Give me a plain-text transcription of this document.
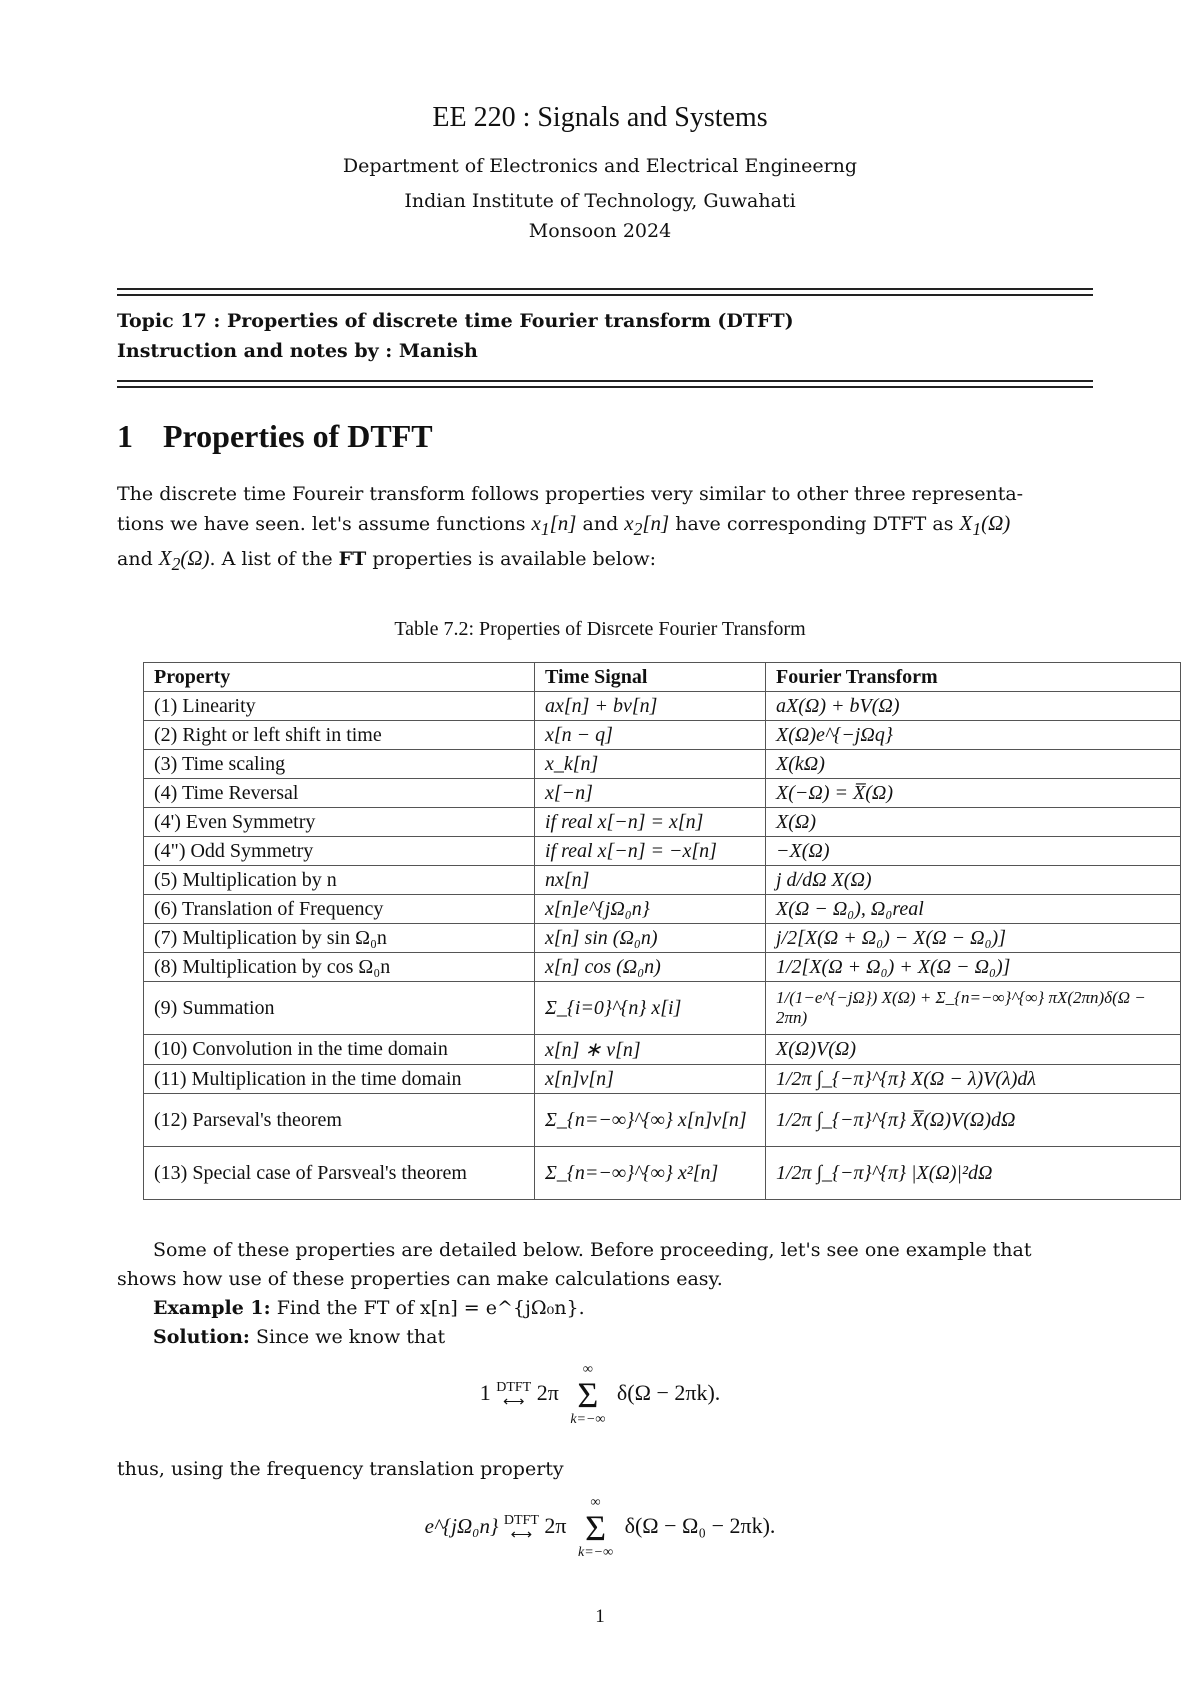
EE 220 : Signals and Systems
Department of Electronics and Electrical Engineerng
Indian Institute of Technology, Guwahati
Monsoon 2024
Topic 17 : Properties of discrete time Fourier transform (DTFT)
Instruction and notes by : Manish
1 Properties of DTFT
The discrete time Foureir transform follows properties very similar to other three representa-
tions we have seen. let's assume functions $x_1[n]$ and $x_2[n]$ have corresponding DTFT as $X_1(\Omega)$
and $X_2(\Omega)$. A list of the FT properties is available below:
Table 7.2: Properties of Disrcete Fourier Transform
Property	Time Signal	Fourier Transform
(1) Linearity	ax[n] + bv[n]	aX(Ω) + bV(Ω)
(2) Right or left shift in time	x[n − q]	X(Ω)e^{−jΩq}
(3) Time scaling	x_k[n]	X(kΩ)
(4) Time Reversal	x[−n]	X(−Ω) = X̅(Ω)
(4') Even Symmetry	if real x[−n] = x[n]	X(Ω)
(4") Odd Symmetry	if real x[−n] = −x[n]	−X(Ω)
(5) Multiplication by n	nx[n]	j d/dΩ X(Ω)
(6) Translation of Frequency	x[n]e^{jΩ₀n}	X(Ω − Ω₀), Ω₀real
(7) Multiplication by sin Ω₀n	x[n] sin (Ω₀n)	j/2[X(Ω + Ω₀) − X(Ω − Ω₀)]
(8) Multiplication by cos Ω₀n	x[n] cos (Ω₀n)	1/2[X(Ω + Ω₀) + X(Ω − Ω₀)]
(9) Summation	Σ_{i=0}^{n} x[i]	1/(1−e^{−jΩ}) X(Ω) + Σ_{n=−∞}^{∞} πX(2πn)δ(Ω − 2πn)
(10) Convolution in the time domain	x[n] ∗ v[n]	X(Ω)V(Ω)
(11) Multiplication in the time domain	x[n]v[n]	1/2π ∫_{−π}^{π} X(Ω − λ)V(λ)dλ
(12) Parseval's theorem	Σ_{n=−∞}^{∞} x[n]v[n]	1/2π ∫_{−π}^{π} X̅(Ω)V(Ω)dΩ
(13) Special case of Parsveal's theorem	Σ_{n=−∞}^{∞} x²[n]	1/2π ∫_{−π}^{π} |X(Ω)|²dΩ
Some of these properties are detailed below. Before proceeding, let's see one example that
shows how use of these properties can make calculations easy.
Example 1: Find the FT of x[n] = e^{jΩ₀n}.
Solution: Since we know that
1 DTFT
⟷ 2π
∞
Σ
k=−∞
δ(Ω − 2πk).
thus, using the frequency translation property
e^{jΩ₀n} DTFT
⟷ 2π
∞
Σ
k=−∞
δ(Ω − Ω₀ − 2πk).
1
